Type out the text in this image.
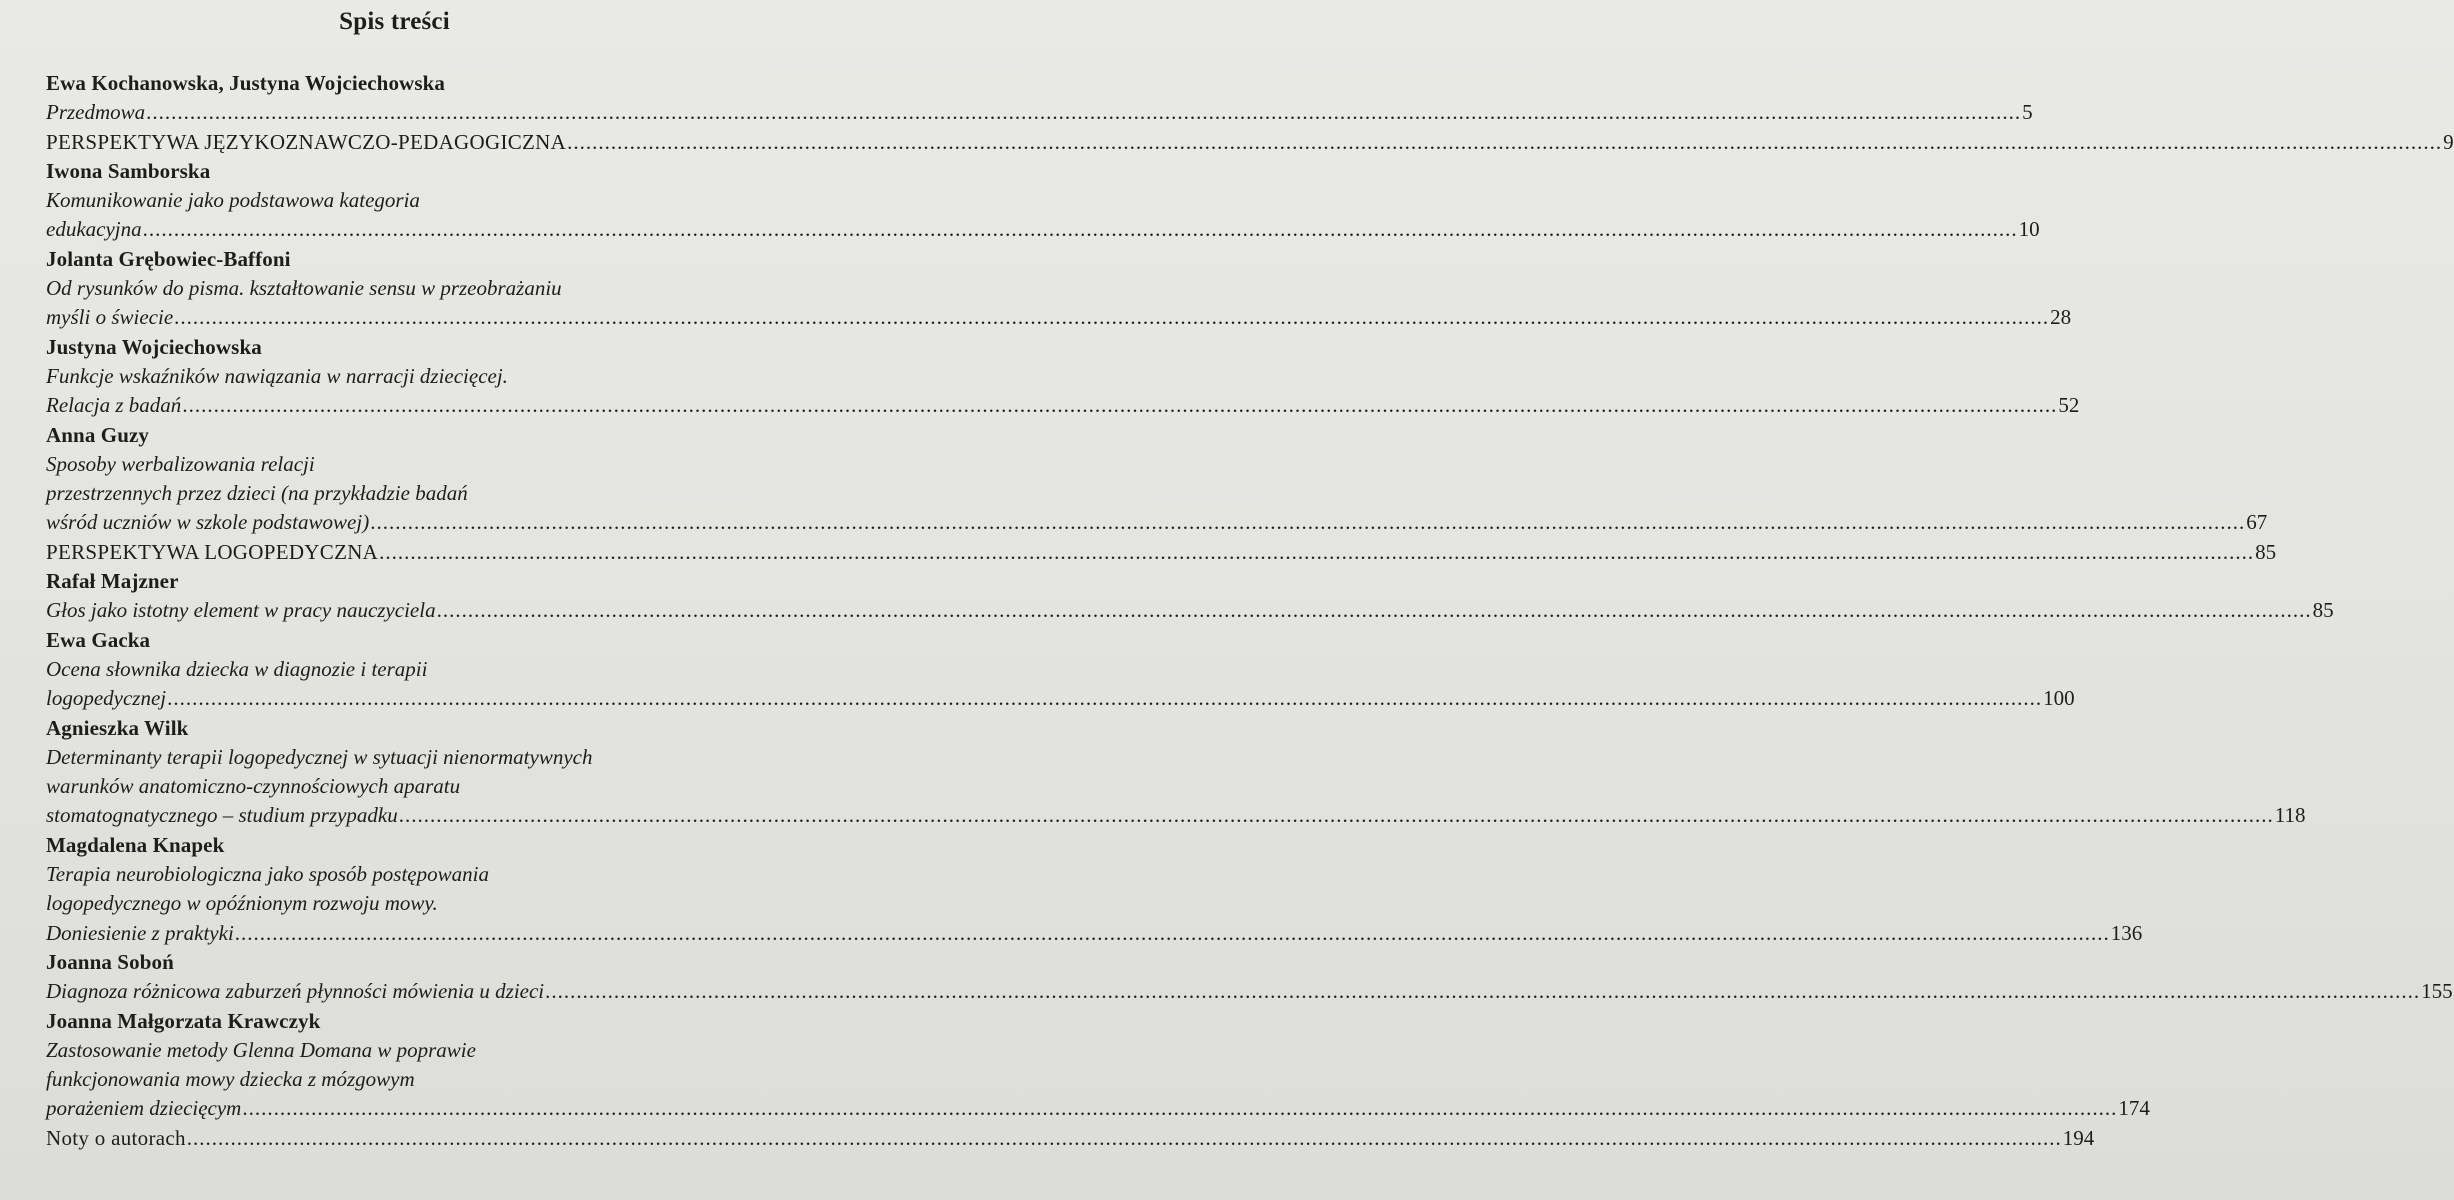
Spis treści
Ewa Kochanowska, Justyna Wojciechowska
Przedmowa ............................................................................................................................................................................................................................................................................................................ 5
PERSPEKTYWA JĘZYKOZNAWCZO-PEDAGOGICZNA ............................................................................................................................................................................................................................................................................................................ 9
Iwona Samborska
Komunikowanie jako podstawowa kategoria
edukacyjna ............................................................................................................................................................................................................................................................................................................ 10
Jolanta Grębowiec-Baffoni
Od rysunków do pisma. kształtowanie sensu w przeobrażaniu
myśli o świecie ............................................................................................................................................................................................................................................................................................................ 28
Justyna Wojciechowska
Funkcje wskaźników nawiązania w narracji dziecięcej.
Relacja z badań ............................................................................................................................................................................................................................................................................................................ 52
Anna Guzy
Sposoby werbalizowania relacji
przestrzennych przez dzieci (na przykładzie badań
wśród uczniów w szkole podstawowej) ............................................................................................................................................................................................................................................................................................................ 67
PERSPEKTYWA LOGOPEDYCZNA ............................................................................................................................................................................................................................................................................................................ 85
Rafał Majzner
Głos jako istotny element w pracy nauczyciela ............................................................................................................................................................................................................................................................................................................ 85
Ewa Gacka
Ocena słownika dziecka w diagnozie i terapii
logopedycznej ............................................................................................................................................................................................................................................................................................................ 100
Agnieszka Wilk
Determinanty terapii logopedycznej w sytuacji nienormatywnych
warunków anatomiczno-czynnościowych aparatu
stomatognatycznego – studium przypadku ............................................................................................................................................................................................................................................................................................................ 118
Magdalena Knapek
Terapia neurobiologiczna jako sposób postępowania
logopedycznego w opóźnionym rozwoju mowy.
Doniesienie z praktyki ............................................................................................................................................................................................................................................................................................................ 136
Joanna Soboń
Diagnoza różnicowa zaburzeń płynności mówienia u dzieci ............................................................................................................................................................................................................................................................................................................ 155
Joanna Małgorzata Krawczyk
Zastosowanie metody Glenna Domana w poprawie
funkcjonowania mowy dziecka z mózgowym
porażeniem dziecięcym ............................................................................................................................................................................................................................................................................................................ 174
Noty o autorach ............................................................................................................................................................................................................................................................................................................ 194
